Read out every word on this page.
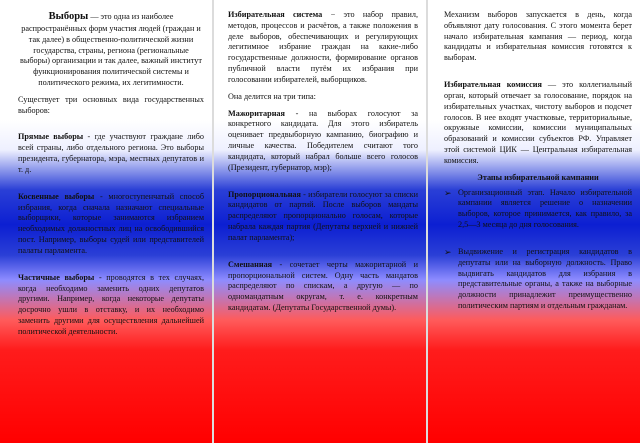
Выборы — это одна из наиболее распространённых форм участия людей (граждан и так далее) в общественно-политической жизни государства, страны, региона (региональные выборы) организации и так далее, важный институт функционирования политической системы и политического режима, их легитимности.

Существует три основных вида государственных выборов:

Прямые выборы - где участвуют граждане либо всей страны, либо отдельного региона. Это выборы президента, губернатора, мэра, местных депутатов и т. д.

Косвенные выборы - многоступенчатый способ избрания, когда сначала назначают специальные выборщики, которые занимаются избранием необходимых должностных лиц на освободившийся пост. Например, выборы судей или представителей палаты парламента.

Частичные выборы - проводятся в тех случаях, когда необходимо заменить одних депутатов другими. Например, когда некоторые депутаты досрочно ушли в отставку, и их необходимо заменить другими для осуществления дальнейшей политической деятельности.

Избирательная система − это набор правил, методов, процессов и расчётов, а также положения в деле выборов, обеспечивающих и регулирующих легитимное избрание граждан на какие-либо государственные должности, формирование органов публичной власти путём их избрания при голосовании избирателей, выборщиков.

Она делится на три типа:

Мажоритарная - на выборах голосуют за конкретного кандидата. Для этого избиратель оценивает предвыборную кампанию, биографию и личные качества. Победителем считают того кандидата, который набрал больше всего голосов (Президент, губернатор, мэр);

Пропорциональная - избиратели голосуют за списки кандидатов от партий. После выборов мандаты распределяют пропорционально голосам, которые набрала каждая партия (Депутаты верхней и нижней палат парламента);

Смешанная - сочетает черты мажоритарной и пропорциональной систем. Одну часть мандатов распределяют по спискам, а другую — по одномандатным округам, т. е. конкретным кандидатам. (Депутаты Государственной думы).

Механизм выборов запускается в день, когда объявляют дату голосования. С этого момента берет начало избирательная кампания — период, когда кандидаты и избирательная комиссия готовятся к выборам.

Избирательная комиссия — это коллегиальный орган, который отвечает за голосование, порядок на избирательных участках, чистоту выборов и подсчет голосов. В нее входят участковые, территориальные, окружные комиссии, комиссии муниципальных образований и комиссии субъектов РФ. Управляет этой системой ЦИК — Центральная избирательная комиссия.

Этапы избирательной кампании
➢ Организационный этап. Начало избирательной кампании является решение о назначении выборов, которое принимается, как правило, за 2,5—3 месяца до дня голосования.
➢ Выдвижение и регистрация кандидатов в депутаты или на выборную должность. Право выдвигать кандидатов для избрания в представительные органы, а также на выборные должности принадлежит преимущественно политическим партиям и отдельным гражданам.
